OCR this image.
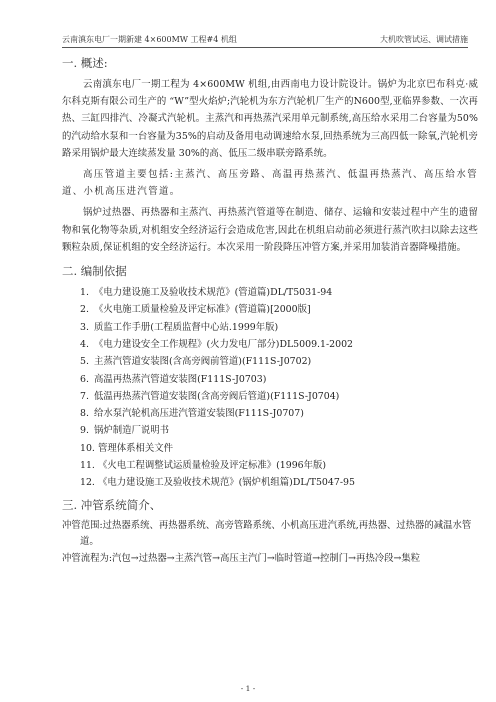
云南滇东电厂一期新建 4×600MW 工程#4 机组	大机吹管试运、调试措施
一. 概述:

云南滇东电厂一期工程为 4×600MW 机组,由西南电力设计院设计。锅炉为北京巴布科克·威尔科克斯有限公司生产的 “W”型火焰炉;汽轮机为东方汽轮机厂生产的N600型,亚临界参数、一次再热、三缸四排汽、冷凝式汽轮机。主蒸汽和再热蒸汽采用单元制系统,高压给水采用二台容量为50%的汽动给水泵和一台容量为35%的启动及备用电动调速给水泵,回热系统为三高四低一除氧,汽轮机旁路采用锅炉最大连续蒸发量 30%的高、低压二级串联旁路系统。

高压管道主要包括:主蒸汽、高压旁路、高温再热蒸汽、低温再热蒸汽、高压给水管道、小机高压进汽管道。

锅炉过热器、再热器和主蒸汽、再热蒸汽管道等在制造、储存、运输和安装过程中产生的遗留物和氧化物等杂质,对机组安全经济运行会造成危害,因此在机组启动前必须进行蒸汽吹扫以除去这些颗粒杂质,保证机组的安全经济运行。本次采用一阶段降压冲管方案,并采用加装消音器降噪措施。

二. 编制依据
1. 《电力建设施工及验收技术规范》(管道篇)DL/T5031-94
2. 《火电施工质量检验及评定标准》(管道篇)[2000版]
3. 质监工作手册(工程质监督中心站.1999年版)
4. 《电力建设安全工作规程》(火力发电厂部分)DL5009.1-2002
5. 主蒸汽管道安装图(含高旁阀前管道)(F111S-J0702)
6. 高温再热蒸汽管道安装图(F111S-J0703)
7. 低温再热蒸汽管道安装图(含高旁阀后管道)(F111S-J0704)
8. 给水泵汽轮机高压进汽管道安装图(F111S-J0707)
9. 锅炉制造厂说明书
10. 管理体系相关文件
11. 《火电工程调整试运质量检验及评定标准》(1996年版)
12. 《电力建设施工及验收技术规范》(锅炉机组篇)DL/T5047-95
三. 冲管系统简介、

冲管范围:过热器系统、再热器系统、高旁管路系统、小机高压进汽系统,再热器、过热器的减温水管道。

冲管流程为:汽包→过热器→主蒸汽管→高压主汽门→临时管道→控制门→再热冷段→集粒

- 1 -
